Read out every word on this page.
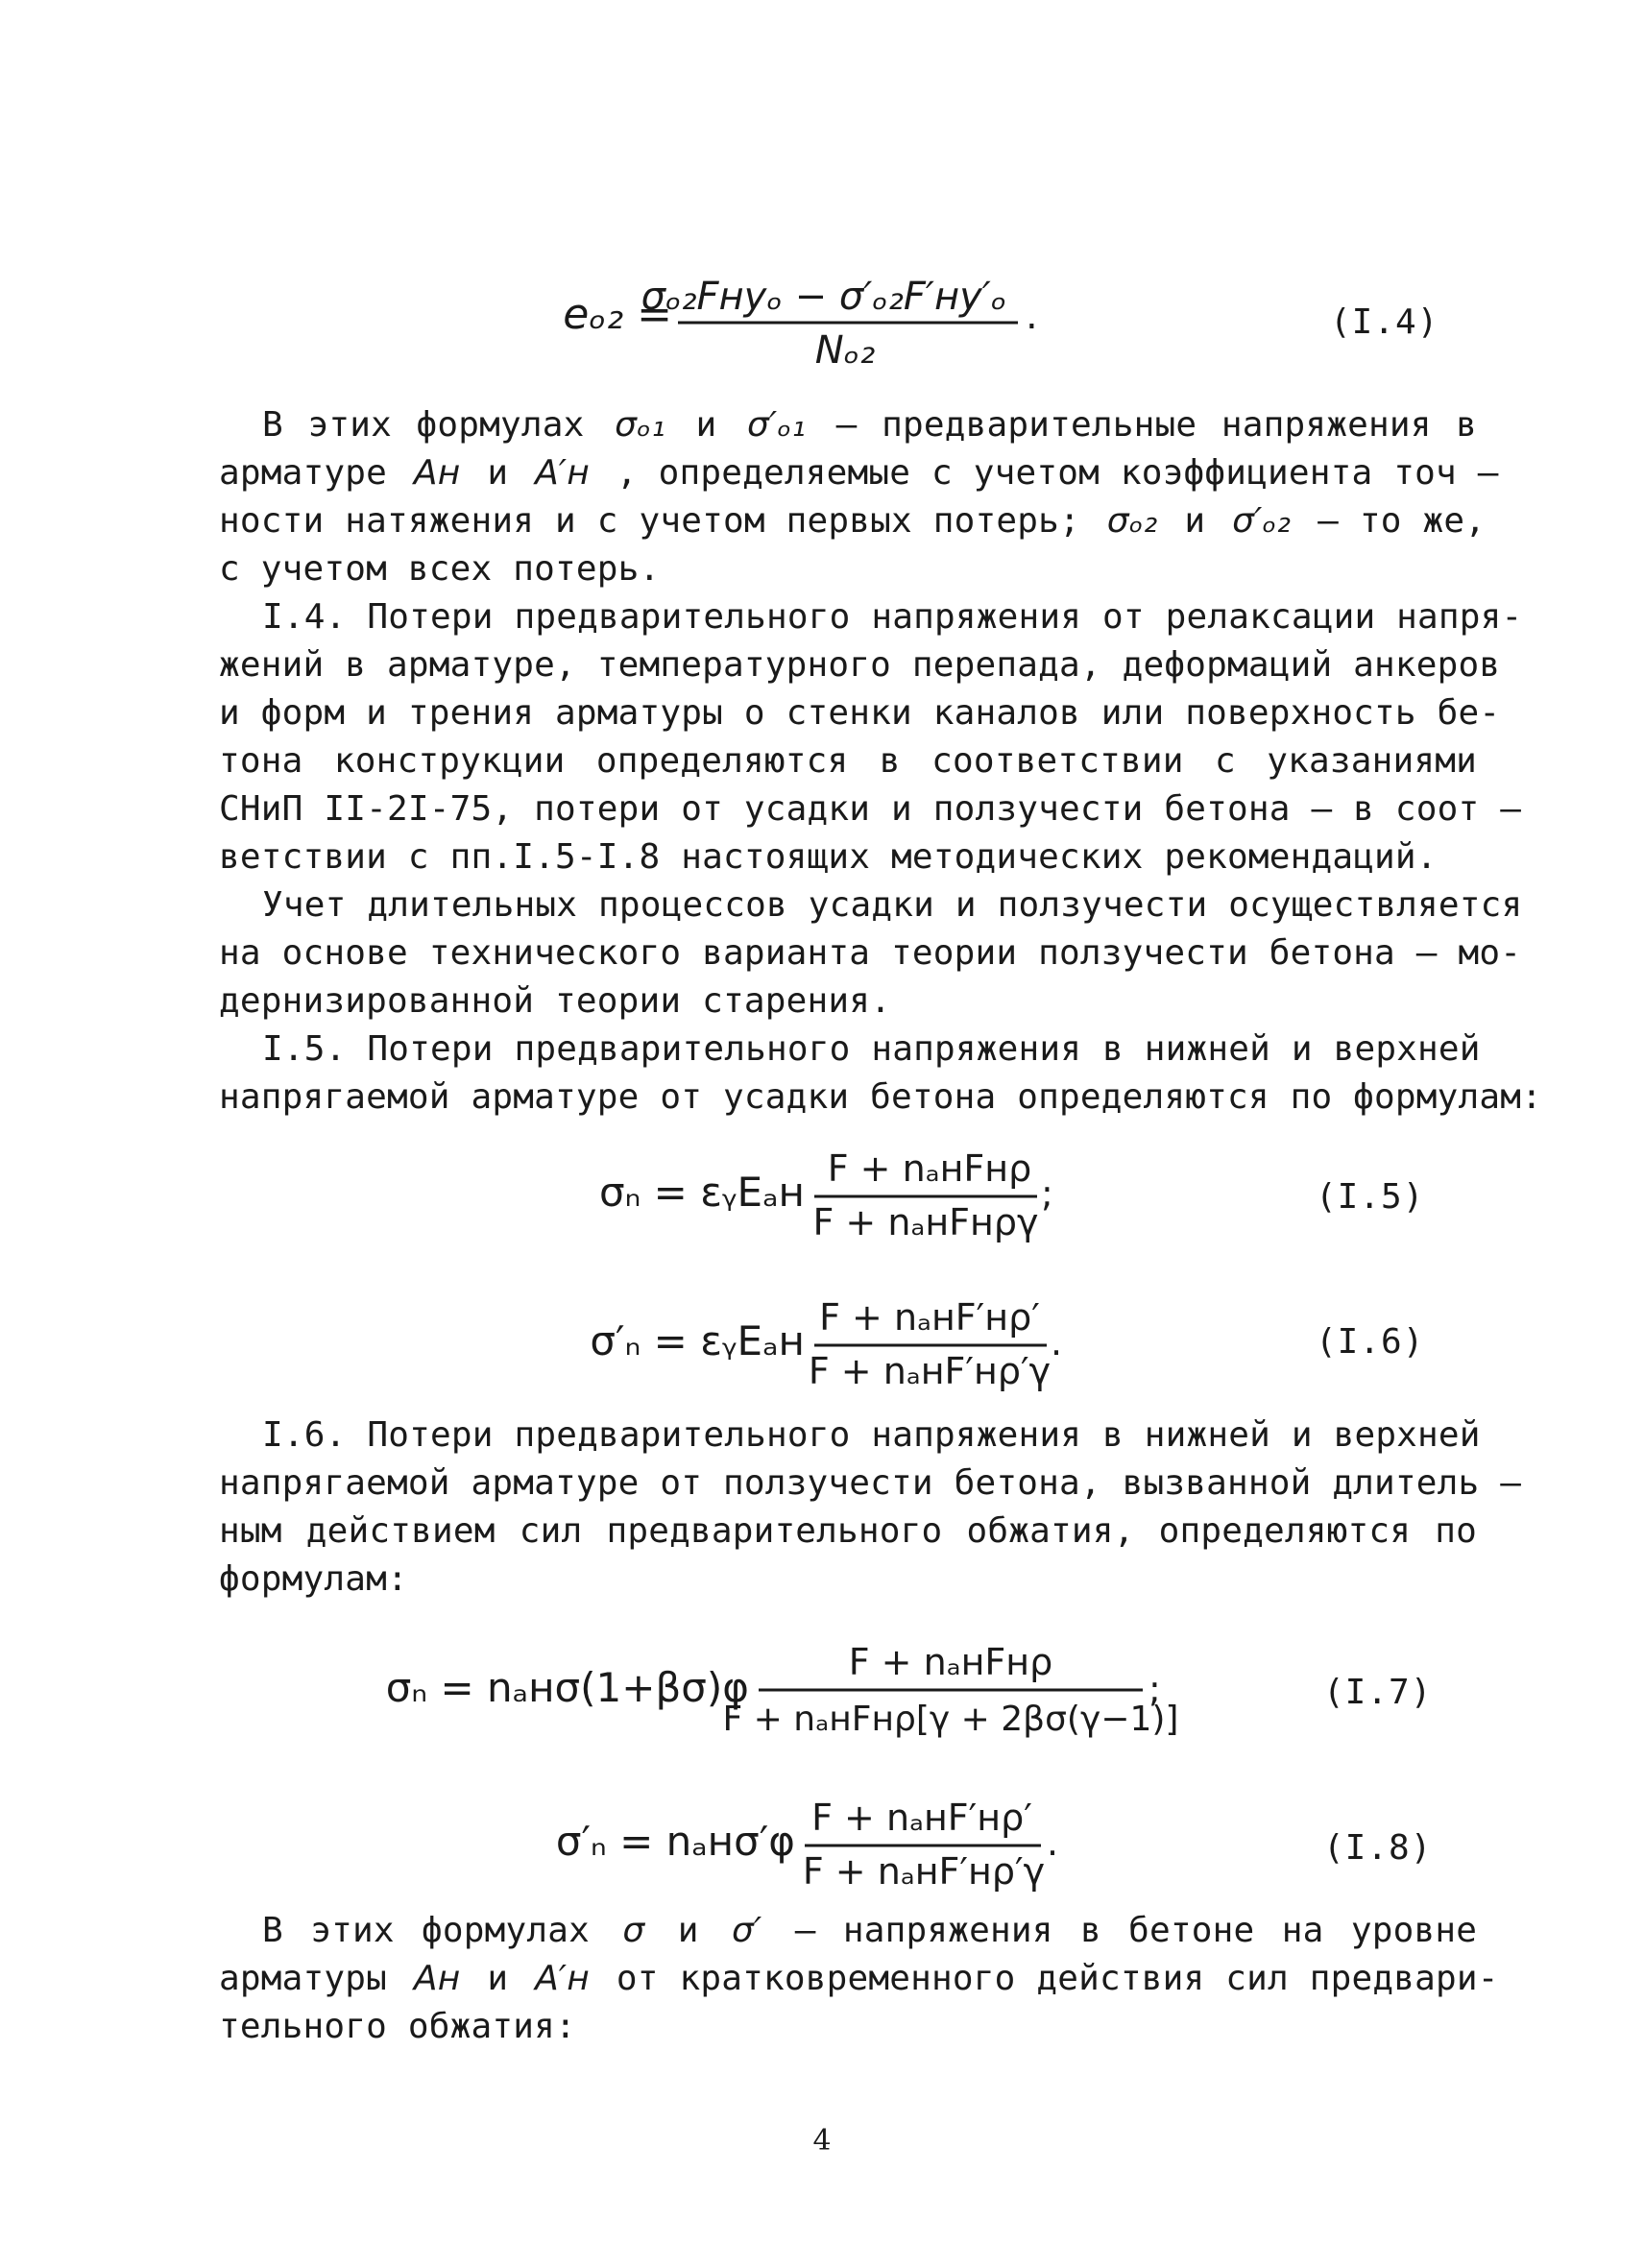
eₒ₂ =
σₒ₂Fнyₒ − σ′ₒ₂F′нy′ₒ
Nₒ₂
.	(I.4)
В этих формулах σₒ₁ и σ′ₒ₁ – предварительные напряжения в
арматуре Aн и A′н , определяемые с учетом коэффициента точ –
ности натяжения и с учетом первых потерь; σₒ₂ и σ′ₒ₂ – то же,
с учетом всех потерь.
I.4. Потери предварительного напряжения от релаксации напря-
жений в арматуре, температурного перепада, деформаций анкеров
и форм и трения арматуры о стенки каналов или поверхность бе-
тона конструкции определяются в соответствии с указаниями
СНиП II-2I-75, потери от усадки и ползучести бетона – в соот –
ветствии с пп.I.5-I.8 настоящих методических рекомендаций.
Учет длительных процессов усадки и ползучести осуществляется
на основе технического варианта теории ползучести бетона – мо-
дернизированной теории старения.
I.5. Потери предварительного напряжения в нижней и верхней
напрягаемой арматуре от усадки бетона определяются по формулам:
σₙ = εᵧEₐн F + nₐнFнρ
F + nₐнFнργ
;	(I.5)
σ′ₙ = εᵧEₐн F + nₐнF′нρ′
F + nₐнF′нρ′γ
.	(I.6)
I.6. Потери предварительного напряжения в нижней и верхней
напрягаемой арматуре от ползучести бетона, вызванной длитель –
ным действием сил предварительного обжатия, определяются по
формулам:
σₙ = nₐнσ(1+βσ)φ
F + nₐнFнρ
F + nₐнFнρ[γ + 2βσ(γ−1)]
;	(I.7)
σ′ₙ = nₐнσ′φ F + nₐнF′нρ′
F + nₐнF′нρ′γ
.	(I.8)
В этих формулах σ и σ′ – напряжения в бетоне на уровне
арматуры Aн и A′н от кратковременного действия сил предвари-
тельного обжатия:
4
